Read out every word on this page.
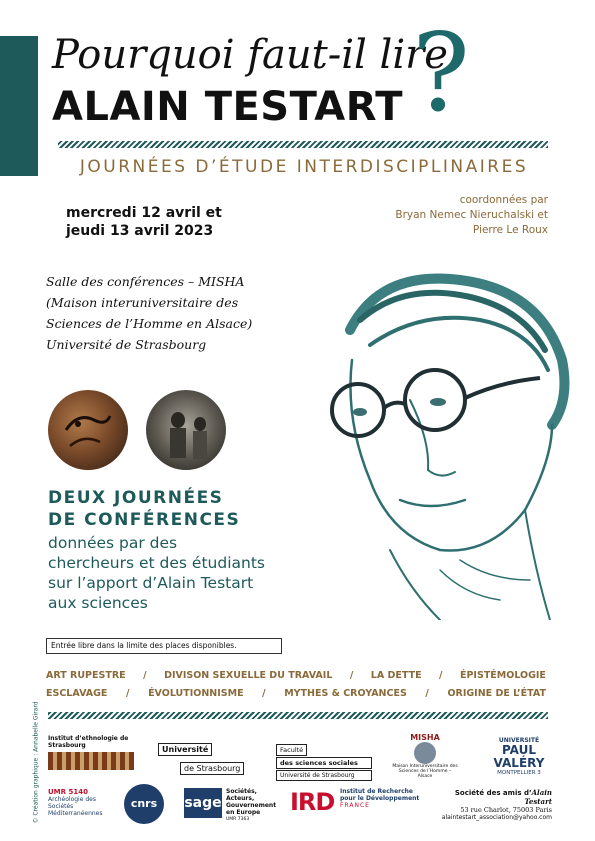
Pourquoi faut-il lire
ALAIN TESTART ?
JOURNÉES D’ÉTUDE INTERDISCIPLINAIRES
mercredi 12 avril et
jeudi 13 avril 2023
coordonnées par
Bryan Nemec Nieruchalski et
Pierre Le Roux
Salle des conférences – MISHA
(Maison interuniversitaire des
Sciences de l’Homme en Alsace)
Université de Strasbourg
DEUX JOURNÉES
DE CONFÉRENCES
données par des
chercheurs et des étudiants
sur l’apport d’Alain Testart
aux sciences
Entrée libre dans la limite des places disponibles.
ART RUPESTRE / DIVISON SEXUELLE DU TRAVAIL / LA DETTE / ÉPISTÉMOLOGIE
ESCLAVAGE / ÉVOLUTIONNISME / MYTHES & CROYANCES / ORIGINE DE L’ÉTAT
© Création graphique : Annabelle Girard Institut d’ethnologie de Strasbourg	Université de Strasbourg
Faculté
des sciences sociales
Université de Strasbourg
MISHA
Maison Interuniversitaire des Sciences de l’Homme – Alsace
UNIVERSITÉ
PAUL VALÉRY
MONTPELLIER 3
UMR 5140
Archéologie des Sociétés Méditerranéennes
cnrs	sage
Sociétés, Acteurs, Gouvernement en Europe
UMR 7363
IRD Institut de Recherche pour le Développement
FRANCE
Société des amis d’Alain Testart
53 rue Charlot, 75003 Paris
alaintestart_association@yahoo.com
